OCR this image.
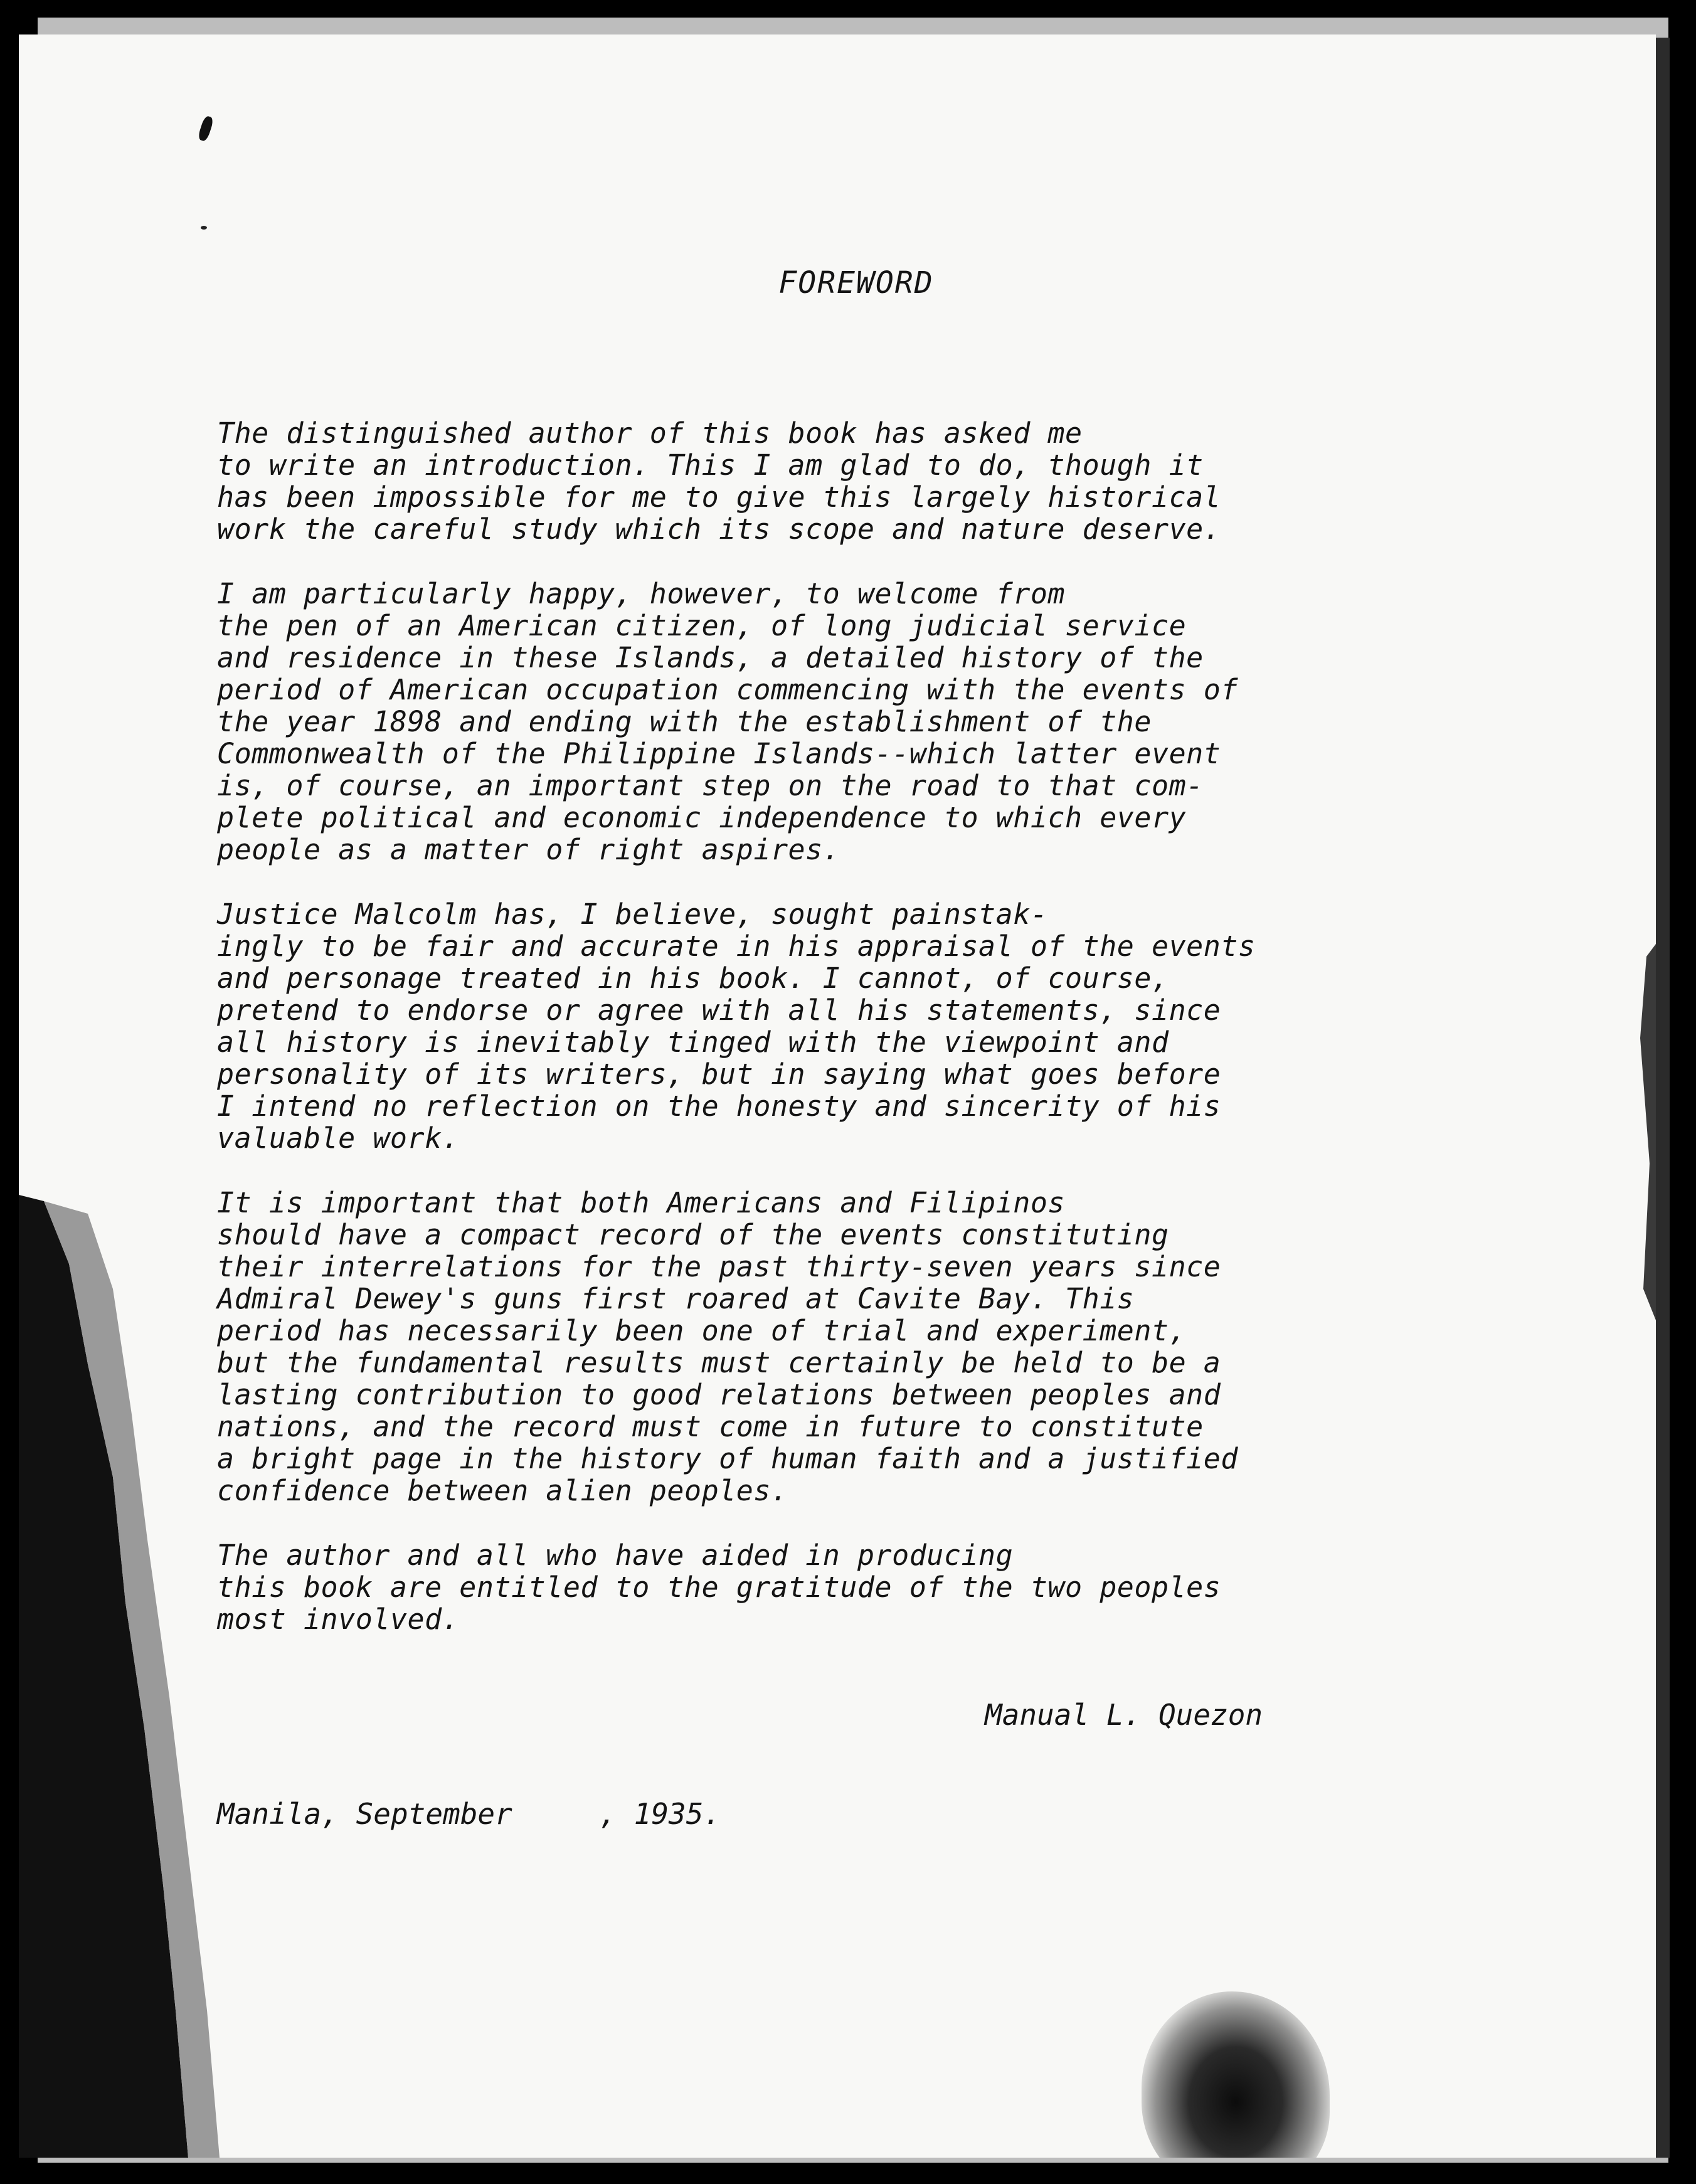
FOREWORD

The distinguished author of this book has asked me
to write an introduction. This I am glad to do, though it
has been impossible for me to give this largely historical
work the careful study which its scope and nature deserve.

I am particularly happy, however, to welcome from
the pen of an American citizen, of long judicial service
and residence in these Islands, a detailed history of the
period of American occupation commencing with the events of
the year 1898 and ending with the establishment of the
Commonwealth of the Philippine Islands--which latter event
is, of course, an important step on the road to that com-
plete political and economic independence to which every
people as a matter of right aspires.

Justice Malcolm has, I believe, sought painstak-
ingly to be fair and accurate in his appraisal of the events
and personage treated in his book. I cannot, of course,
pretend to endorse or agree with all his statements, since
all history is inevitably tinged with the viewpoint and
personality of its writers, but in saying what goes before
I intend no reflection on the honesty and sincerity of his
valuable work.

It is important that both Americans and Filipinos
should have a compact record of the events constituting
their interrelations for the past thirty-seven years since
Admiral Dewey's guns first roared at Cavite Bay. This
period has necessarily been one of trial and experiment,
but the fundamental results must certainly be held to be a
lasting contribution to good relations between peoples and
nations, and the record must come in future to constitute
a bright page in the history of human faith and a justified
confidence between alien peoples.

The author and all who have aided in producing
this book are entitled to the gratitude of the two peoples
most involved.

Manual L. Quezon
Manila, September     , 1935.
